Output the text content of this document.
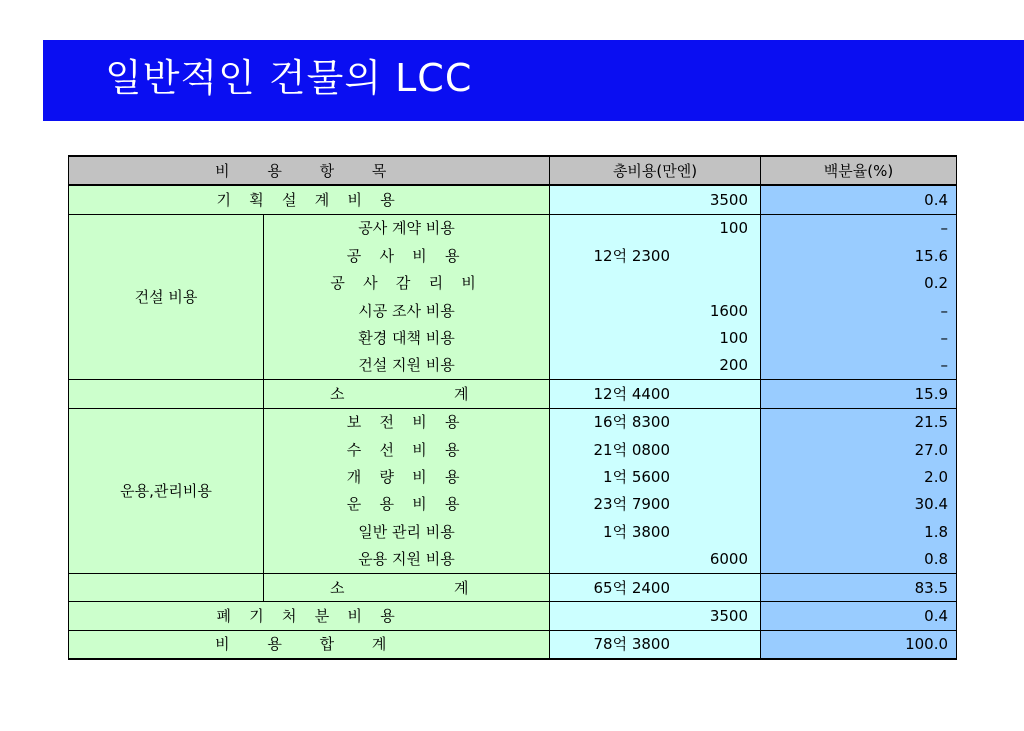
일반적인 건물의 LCC
비 용 항 목		총비용(만엔)	백분율(%)
기 획 설 계 비 용		3500	0.4
건설 비용	공사 계약 비용	100	–
	공 사 비 용	12억 2300	15.6
	공 사 감 리 비		0.2
	시공 조사 비용	1600	–
	환경 대책 비용	100	–
	건설 지원 비용	200	–
	소 계	12억 4400	15.9
운용,관리비용	보 전 비 용	16억 8300	21.5
	수 선 비 용	21억 0800	27.0
	개 량 비 용	1억 5600	2.0
	운 용 비 용	23억 7900	30.4
	일반 관리 비용	1억 3800	1.8
	운용 지원 비용	6000	0.8
	소 계	65억 2400	83.5
폐 기 처 분 비 용		3500	0.4
비 용 합 계		78억 3800	100.0
